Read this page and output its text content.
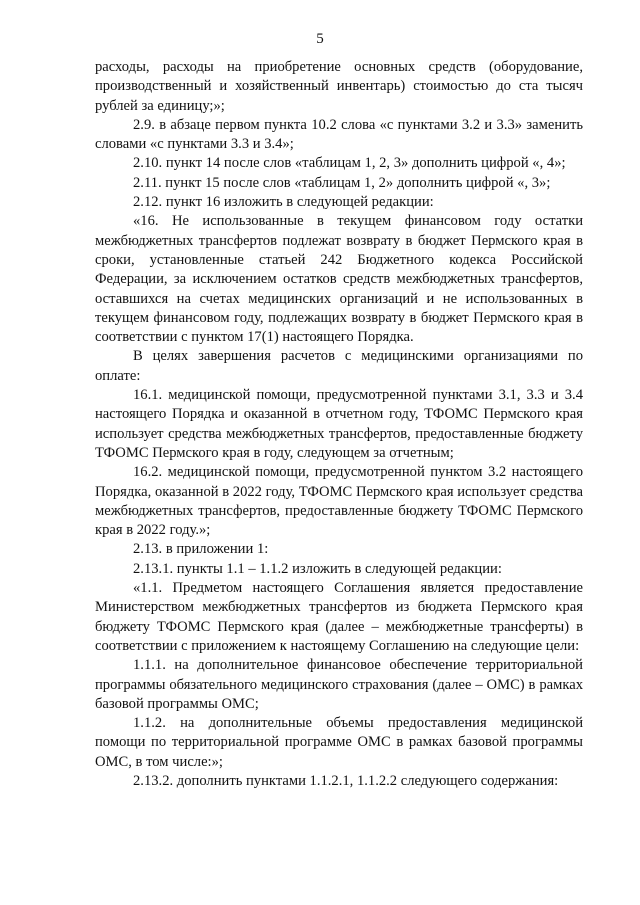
5

расходы, расходы на приобретение основных средств (оборудование, производственный и хозяйственный инвентарь) стоимостью до ста тысяч рублей за единицу;»;

2.9. в абзаце первом пункта 10.2 слова «с пунктами 3.2 и 3.3» заменить словами «с пунктами 3.3 и 3.4»;

2.10. пункт 14 после слов «таблицам 1, 2, 3» дополнить цифрой «, 4»;

2.11. пункт 15 после слов «таблицам 1, 2» дополнить цифрой «, 3»;

2.12. пункт 16 изложить в следующей редакции:

«16. Не использованные в текущем финансовом году остатки межбюджетных трансфертов подлежат возврату в бюджет Пермского края в сроки, установленные статьей 242 Бюджетного кодекса Российской Федерации, за исключением остатков средств межбюджетных трансфертов, оставшихся на счетах медицинских организаций и не использованных в текущем финансовом году, подлежащих возврату в бюджет Пермского края в соответствии с пунктом 17(1) настоящего Порядка.

В целях завершения расчетов с медицинскими организациями по оплате:

16.1. медицинской помощи, предусмотренной пунктами 3.1, 3.3 и 3.4 настоящего Порядка и оказанной в отчетном году, ТФОМС Пермского края использует средства межбюджетных трансфертов, предоставленные бюджету ТФОМС Пермского края в году, следующем за отчетным;

16.2. медицинской помощи, предусмотренной пунктом 3.2 настоящего Порядка, оказанной в 2022 году, ТФОМС Пермского края использует средства межбюджетных трансфертов, предоставленные бюджету ТФОМС Пермского края в 2022 году.»;

2.13. в приложении 1:

2.13.1. пункты 1.1 – 1.1.2 изложить в следующей редакции:

«1.1. Предметом настоящего Соглашения является предоставление Министерством межбюджетных трансфертов из бюджета Пермского края бюджету ТФОМС Пермского края (далее – межбюджетные трансферты) в соответствии с приложением к настоящему Соглашению на следующие цели:

1.1.1. на дополнительное финансовое обеспечение территориальной программы обязательного медицинского страхования (далее – ОМС) в рамках базовой программы ОМС;

1.1.2. на дополнительные объемы предоставления медицинской помощи по территориальной программе ОМС в рамках базовой программы ОМС, в том числе:»;

2.13.2. дополнить пунктами 1.1.2.1, 1.1.2.2 следующего содержания:
